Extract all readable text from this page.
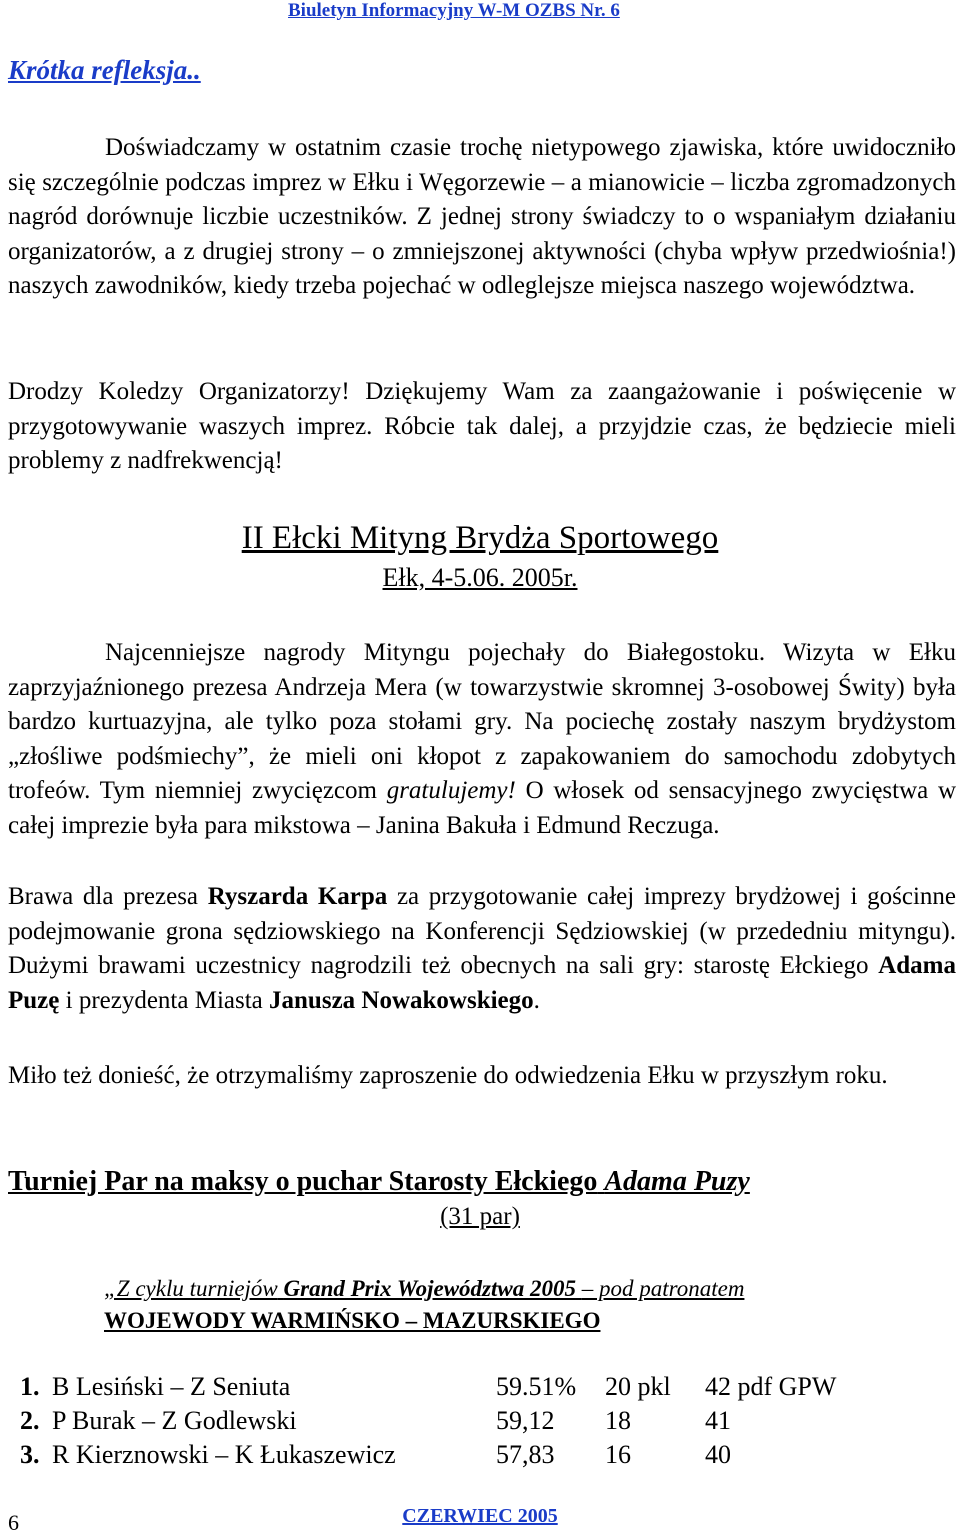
Biuletyn Informacyjny W-M OZBS Nr. 6
Krótka refleksja..
Doświadczamy w ostatnim czasie trochę nietypowego zjawiska, które uwidoczniło się szczególnie podczas imprez w Ełku i Węgorzewie – a mianowicie – liczba zgromadzonych nagród dorównuje liczbie uczestników. Z jednej strony świadczy to o wspaniałym działaniu organizatorów, a z drugiej strony – o zmniejszonej aktywności (chyba wpływ przedwiośnia!) naszych zawodników, kiedy trzeba pojechać w odleglejsze miejsca naszego województwa.
Drodzy Koledzy Organizatorzy! Dziękujemy Wam za zaangażowanie i poświęcenie w przygotowywanie waszych imprez. Róbcie tak dalej, a przyjdzie czas, że będziecie mieli problemy z nadfrekwencją!
II Ełcki Mityng Brydża Sportowego
Ełk, 4-5.06. 2005r.
Najcenniejsze nagrody Mityngu pojechały do Białegostoku. Wizyta w Ełku zaprzyjaźnionego prezesa Andrzeja Mera (w towarzystwie skromnej 3-osobowej Świty) była bardzo kurtuazyjna, ale tylko poza stołami gry. Na pociechę zostały naszym brydżystom „złośliwe podśmiechy”, że mieli oni kłopot z zapakowaniem do samochodu zdobytych trofeów. Tym niemniej zwycięzcom gratulujemy! O włosek od sensacyjnego zwycięstwa w całej imprezie była para mikstowa – Janina Bakuła i Edmund Reczuga.
Brawa dla prezesa Ryszarda Karpa za przygotowanie całej imprezy brydżowej i gościnne podejmowanie grona sędziowskiego na Konferencji Sędziowskiej (w przededniu mityngu). Dużymi brawami uczestnicy nagrodzili też obecnych na sali gry: starostę Ełckiego Adama Puzę i prezydenta Miasta Janusza Nowakowskiego.
Miło też donieść, że otrzymaliśmy zaproszenie do odwiedzenia Ełku w przyszłym roku.
Turniej Par na maksy o puchar Starosty Ełckiego Adama Puzy
(31 par)
„Z cyklu turniejów Grand Prix Województwa 2005 – pod patronatem
WOJEWODY WARMIŃSKO – MAZURSKIEGO
1. B Lesiński – Z Seniuta	59.51% 20 pkl 42 pdf GPW
2. P Burak – Z Godlewski	59,12 18	41
3. R Kierznowski – K Łukaszewicz	57,83 16	40
6	CZERWIEC 2005
